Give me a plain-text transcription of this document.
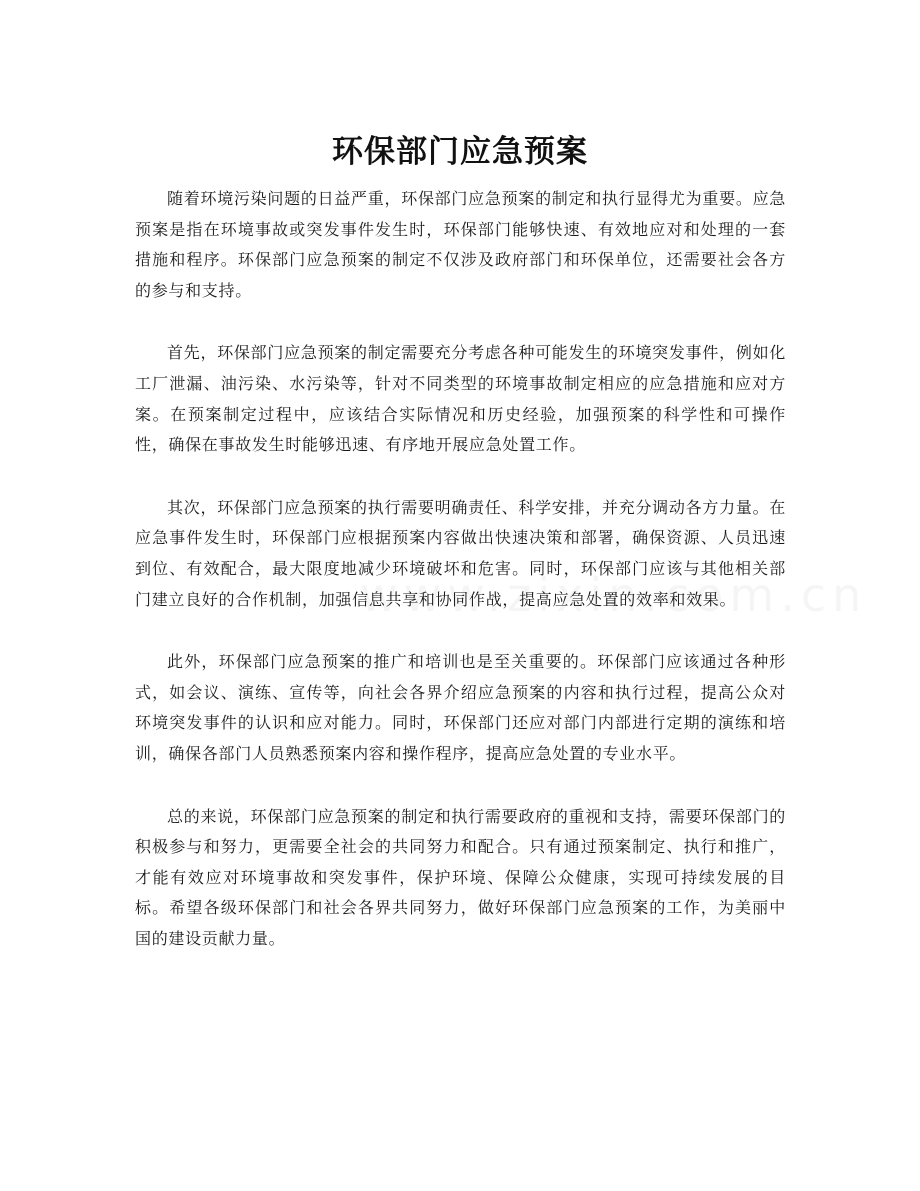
环保部门应急预案

随着环境污染问题的日益严重，环保部门应急预案的制定和执行显得尤为重要。应急预案是指在环境事故或突发事件发生时，环保部门能够快速、有效地应对和处理的一套措施和程序。环保部门应急预案的制定不仅涉及政府部门和环保单位，还需要社会各方的参与和支持。

首先，环保部门应急预案的制定需要充分考虑各种可能发生的环境突发事件，例如化工厂泄漏、油污染、水污染等，针对不同类型的环境事故制定相应的应急措施和应对方案。在预案制定过程中，应该结合实际情况和历史经验，加强预案的科学性和可操作性，确保在事故发生时能够迅速、有序地开展应急处置工作。

其次，环保部门应急预案的执行需要明确责任、科学安排，并充分调动各方力量。在应急事件发生时，环保部门应根据预案内容做出快速决策和部署，确保资源、人员迅速到位、有效配合，最大限度地减少环境破坏和危害。同时，环保部门应该与其他相关部门建立良好的合作机制，加强信息共享和协同作战，提高应急处置的效率和效果。

此外，环保部门应急预案的推广和培训也是至关重要的。环保部门应该通过各种形式，如会议、演练、宣传等，向社会各界介绍应急预案的内容和执行过程，提高公众对环境突发事件的认识和应对能力。同时，环保部门还应对部门内部进行定期的演练和培训，确保各部门人员熟悉预案内容和操作程序，提高应急处置的专业水平。

总的来说，环保部门应急预案的制定和执行需要政府的重视和支持，需要环保部门的积极参与和努力，更需要全社会的共同努力和配合。只有通过预案制定、执行和推广，才能有效应对环境事故和突发事件，保护环境、保障公众健康，实现可持续发展的目标。希望各级环保部门和社会各界共同努力，做好环保部门应急预案的工作，为美丽中国的建设贡献力量。
